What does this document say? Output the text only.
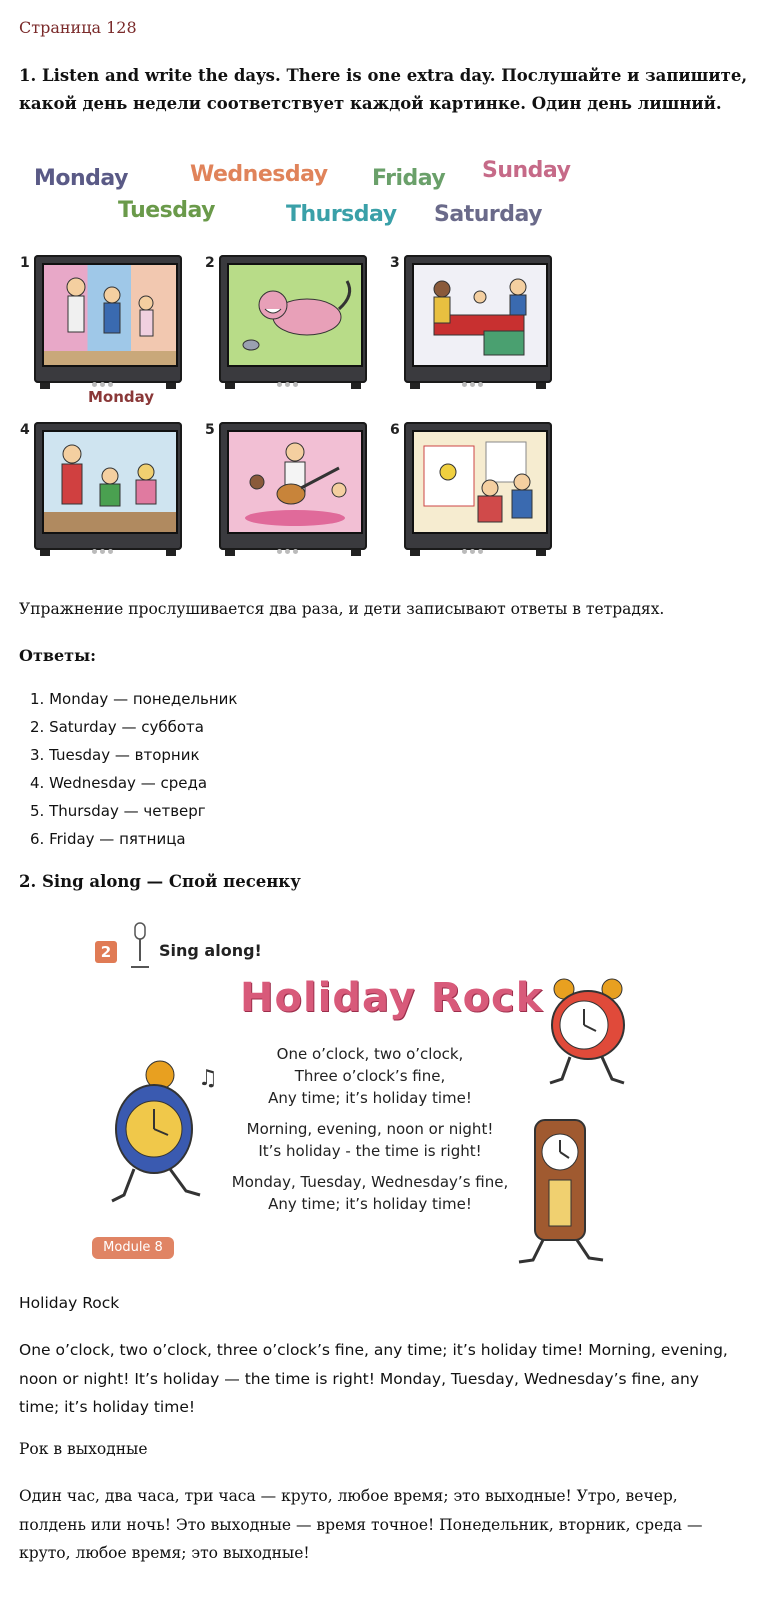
Страница 128
1. Listen and write the days. There is one extra day. Послушайте и запишите, какой день недели соответствует каждой картинке. Один день лишний.
Monday	Wednesday Friday Sunday
Tuesday	Thursday Saturday
1	2	3
4	5	6
Monday
Упражнение прослушивается два раза, и дети записывают ответы в тетрадях.
Ответы:
1. Monday — понедельник
2. Saturday — суббота
3. Tuesday — вторник
4. Wednesday — среда
5. Thursday — четверг
6. Friday — пятница
2. Sing along — Спой песенку
2	Sing along!
Holiday Rock
♫
One o’clock, two o’clock,
Three o’clock’s fine,
Any time; it’s holiday time!
Morning, evening, noon or night!
It’s holiday - the time is right!
Monday, Tuesday, Wednesday’s fine,
Any time; it’s holiday time!
Module 8
Holiday Rock
One o’clock, two o’clock, three o’clock’s fine, any time; it’s holiday time! Morning, evening, noon or night! It’s holiday — the time is right! Monday, Tuesday, Wednesday’s fine, any time; it’s holiday time!
Рок в выходные
Один час, два часа, три часа — круто, любое время; это выходные! Утро, вечер, полдень или ночь! Это выходные — время точное! Понедельник, вторник, среда — круто, любое время; это выходные!
